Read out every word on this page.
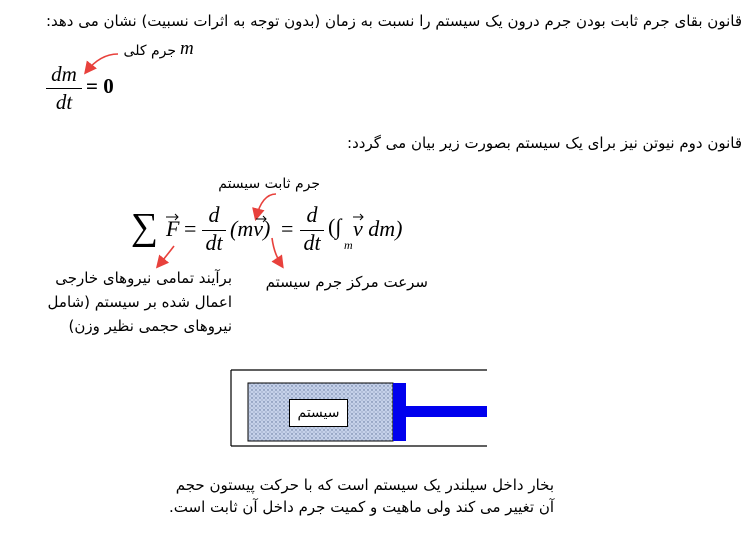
قانون بقای جرم ثابت بودن جرم درون یک سیستم را نسبت به زمان (بدون توجه به اثرات نسبیت) نشان می دهد:
m
جرم کلی
dm
dt
= 0
قانون دوم نیوتن نیز برای یک سیستم بصورت زیر بیان می گردد:
جرم ثابت سیستم
∑ F =
d
dt
(mv) =
d
dt
(∫
m
v dm)
برآیند تمامی نیروهای خارجی
اعمال شده بر سیستم (شامل
نیروهای حجمی نظیر وزن)
سرعت مرکز جرم سیستم
سیستم
بخار داخل سیلندر یک سیستم است که با حرکت پیستون حجم
آن تغییر می کند ولی ماهیت و کمیت جرم داخل آن ثابت است.
